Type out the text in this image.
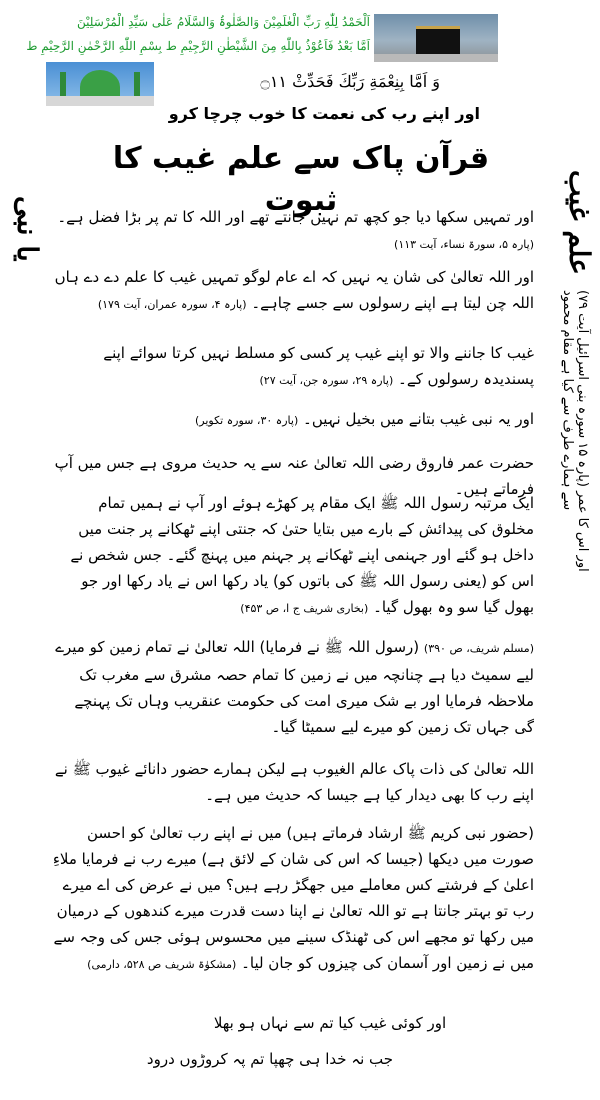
اَلْحَمْدُ لِلّٰهِ رَبِّ الْعٰلَمِیْنَ وَالصَّلٰوۃُ وَالسَّلَامُ عَلٰی سَیِّدِ الْمُرْسَلِیْنَ
اَمَّا بَعْدُ فَاَعُوْذُ بِاللّٰهِ مِنَ الشَّیْطٰنِ الرَّجِیْمِ ط بِسْمِ اللّٰهِ الرَّحْمٰنِ الرَّحِیْمِ ط
وَ اَمَّا بِنِعْمَةِ رَبِّكَ فَحَدِّثْ ۝١١
اور اپنے رب کی نعمت کا خوب چرچا کرو
قرآن پاک سے علم غیب کا ثبوت
یا نبی	علم غیب
(پارہ ۱۵ سورہ بنی اسرائیل آیت ۷۹) اور اس کا عمر سے ہمارے طرف سے کیا ہے مقام محمود
اور تمہیں سکھا دیا جو کچھ تم نہیں جانتے تھے اور اللہ کا تم پر بڑا فضل ہے۔ (پارہ ۵، سورۃ نساء، آیت ۱۱۳)
اور اللہ تعالیٰ کی شان یہ نہیں کہ اے عام لوگو تمہیں غیب کا علم دے دے ہاں اللہ چن لیتا ہے اپنے رسولوں سے جسے چاہے۔ (پارہ ۴، سورہ عمران، آیت ۱۷۹)
غیب کا جاننے والا تو اپنے غیب پر کسی کو مسلط نہیں کرتا سوائے اپنے پسندیدہ رسولوں کے۔ (پارہ ۲۹، سورہ جن، آیت ۲۷)
اور یہ نبی غیب بتانے میں بخیل نہیں۔ (پارہ ۳۰، سورہ تکویر)
حضرت عمر فاروق رضی اللہ تعالیٰ عنہ سے یہ حدیث مروی ہے جس میں آپ فرماتے ہیں۔
ایک مرتبہ رسول اللہ ﷺ ایک مقام پر کھڑے ہوئے اور آپ نے ہمیں تمام مخلوق کی پیدائش کے بارے میں بتایا حتیٰ کہ جنتی اپنے ٹھکانے پر جنت میں داخل ہو گئے اور جہنمی اپنے ٹھکانے پر جہنم میں پہنچ گئے۔ جس شخص نے اس کو (یعنی رسول اللہ ﷺ کی باتوں کو) یاد رکھا اس نے یاد رکھا اور جو بھول گیا سو وہ بھول گیا۔ (بخاری شریف ج ا، ص ۴۵۳)
(مسلم شریف، ص ۳۹۰) (رسول اللہ ﷺ نے فرمایا) اللہ تعالیٰ نے تمام زمین کو میرے لیے سمیٹ دیا ہے چنانچہ میں نے زمین کا تمام حصہ مشرق سے مغرب تک ملاحظہ فرمایا اور بے شک میری امت کی حکومت عنقریب وہاں تک پہنچے گی جہاں تک زمین کو میرے لیے سمیٹا گیا۔
اللہ تعالیٰ کی ذات پاک عالم الغیوب ہے لیکن ہمارے حضور دانائے غیوب ﷺ نے اپنے رب کا بھی دیدار کیا ہے جیسا کہ حدیث میں ہے۔
(حضور نبی کریم ﷺ ارشاد فرماتے ہیں) میں نے اپنے رب تعالیٰ کو احسن صورت میں دیکھا (جیسا کہ اس کی شان کے لائق ہے) میرے رب نے فرمایا ملاءِ اعلیٰ کے فرشتے کس معاملے میں جھگڑ رہے ہیں؟ میں نے عرض کی اے میرے رب تو بہتر جانتا ہے تو اللہ تعالیٰ نے اپنا دست قدرت میرے کندھوں کے درمیان میں رکھا تو مجھے اس کی ٹھنڈک سینے میں محسوس ہوئی جس کی وجہ سے میں نے زمین اور آسمان کی چیزوں کو جان لیا۔ (مشکوٰۃ شریف ص ۵۲۸، دارمی)
اور کوئی غیب کیا تم سے نہاں ہو بھلا
جب نہ خدا ہی چھپا تم پہ کروڑوں درود
